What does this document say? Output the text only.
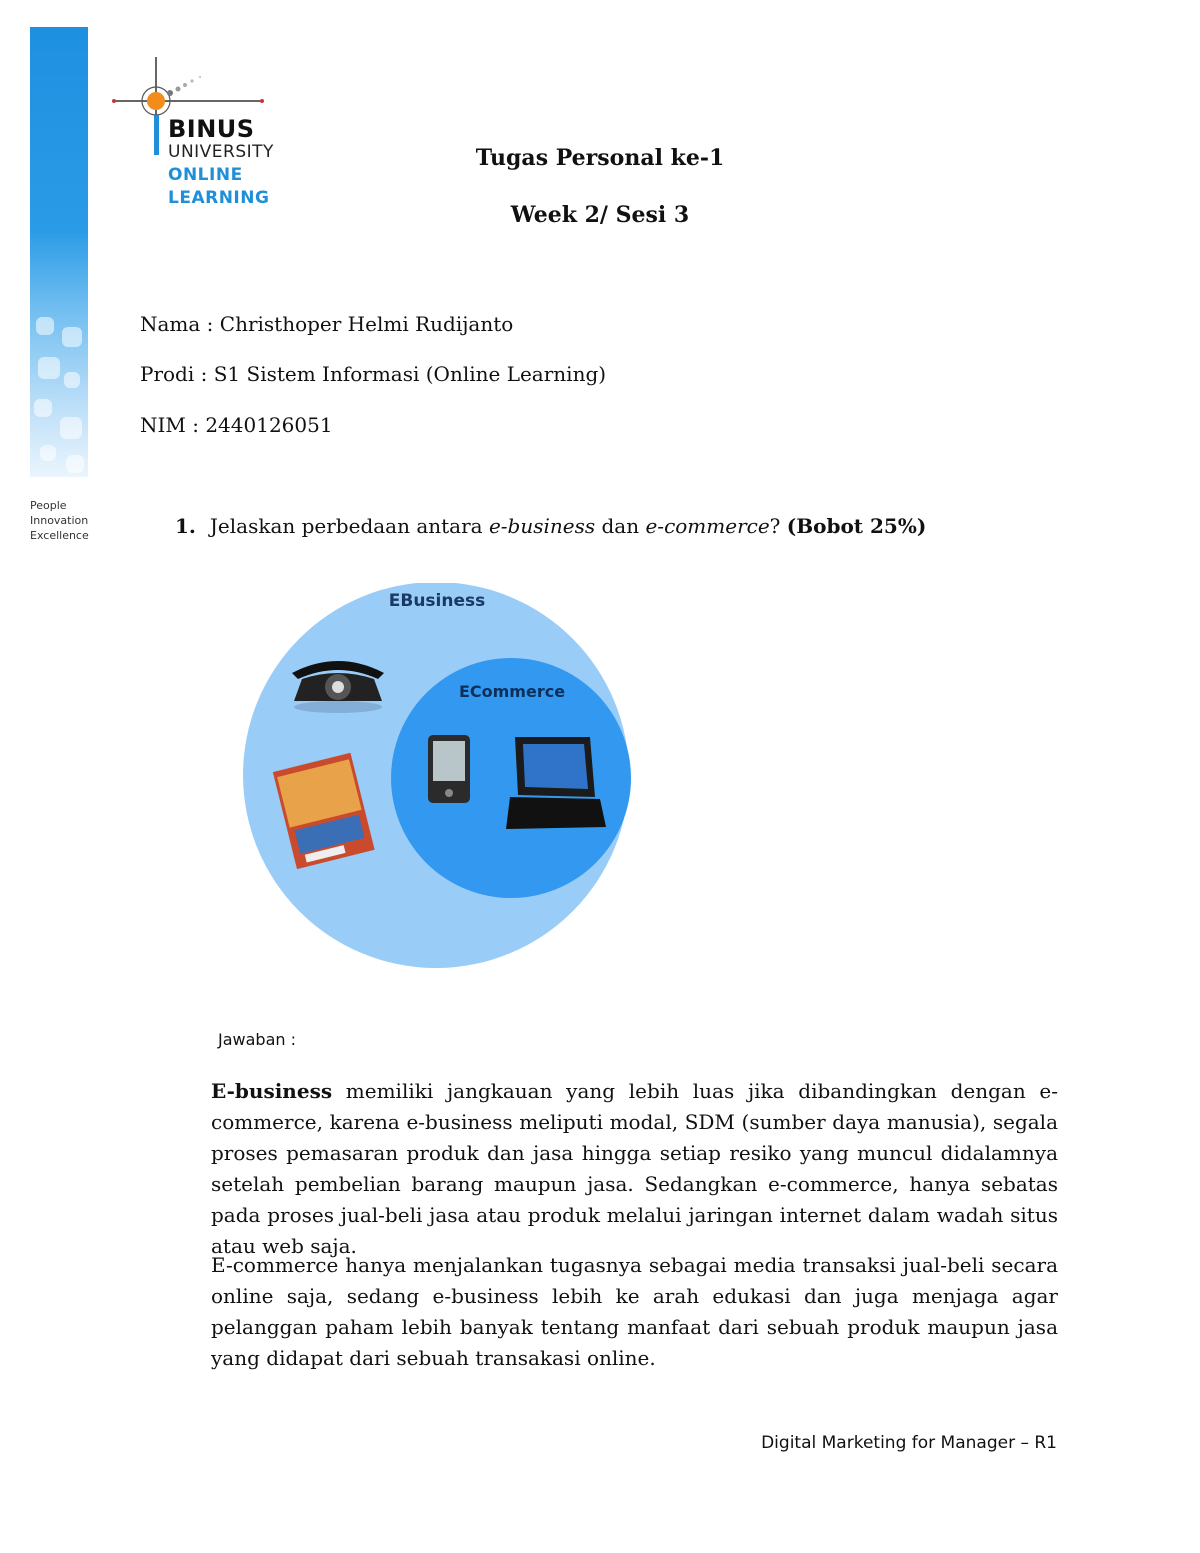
People
Innovation
Excellence
BINUS
UNIVERSITY
ONLINE
LEARNING
Tugas Personal ke-1
Week 2/ Sesi 3
Nama : Christhoper Helmi Rudijanto
Prodi : S1 Sistem Informasi (Online Learning)
NIM : 2440126051
1. Jelaskan perbedaan antara e-business dan e-commerce? (Bobot 25%)
EBusiness
ECommerce
Jawaban :
E-business memiliki jangkauan yang lebih luas jika dibandingkan dengan e-commerce, karena e-business meliputi modal, SDM (sumber daya manusia), segala proses pemasaran produk dan jasa hingga setiap resiko yang muncul didalamnya setelah pembelian barang maupun jasa. Sedangkan e-commerce, hanya sebatas pada proses jual-beli jasa atau produk melalui jaringan internet dalam wadah situs atau web saja.
E-commerce hanya menjalankan tugasnya sebagai media transaksi jual-beli secara online saja, sedang e-business lebih ke arah edukasi dan juga menjaga agar pelanggan paham lebih banyak tentang manfaat dari sebuah produk maupun jasa yang didapat dari sebuah transakasi online.
Digital Marketing for Manager – R1
